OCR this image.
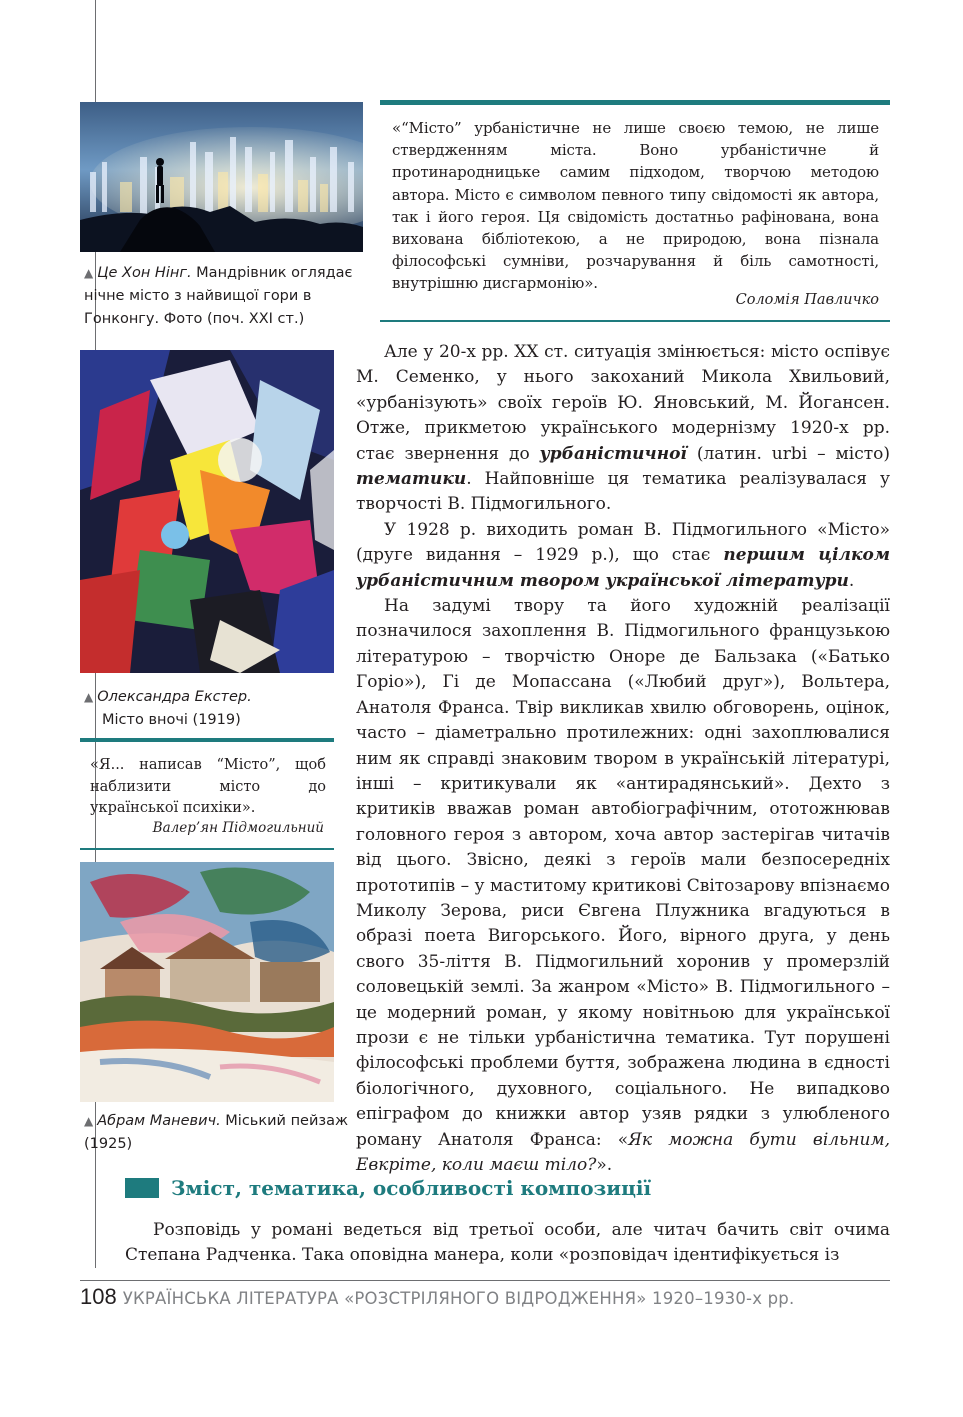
▲ Це Хон Нінг. Мандрівник оглядає нічне місто з найвищої гори в Гонконгу. Фото (поч. ХХІ ст.)
▲ Олександра Екстер.
Місто вночі (1919)
«Я... написав “Місто”, щоб наблизити місто до української психіки».
Валер’ян Підмогильний
▲ Абрам Маневич. Міський пейзаж (1925)
«“Місто” урбаністичне не лише своєю темою, не лише ствердженням міста. Воно урбаністичне й протинародницьке самим підходом, творчою методою автора. Місто є символом певного типу свідомості як автора, так і його героя. Ця свідомість достатньо рафінована, вона вихована бібліотекою, а не природою, вона пізнала філософські сумніви, розчарування й біль самотності, внутрішню дисгармонію».
Соломія Павличко

Але у 20-х рр. ХХ ст. ситуація змінюється: місто оспівує М. Семенко, у нього закоханий Микола Хвильовий, «урбанізують» своїх героїв Ю. Яновський, М. Йогансен. Отже, прикметою українського модернізму 1920-х рр. стає звернення до урбаністичної (латин. urbi – місто) тематики. Найповніше ця тематика реалізувалася у творчості В. Підмогильного.

У 1928 р. виходить роман В. Підмогильного «Місто» (друге видання – 1929 р.), що стає першим цілком урбаністичним твором української літератури.

На задумі твору та його художній реалізації позначилося захоплення В. Підмогильного французькою літературою – творчістю Оноре де Бальзака («Батько Горіо»), Гі де Мопассана («Любий друг»), Вольтера, Анатоля Франса. Твір викликав хвилю обговорень, оцінок, часто – діаметрально протилежних: одні захоплювалися ним як справді знаковим твором в українській літературі, інші – критикували як «антирадянський». Дехто з критиків вважав роман автобіографічним, ототожнював головного героя з автором, хоча автор застерігав читачів від цього. Звісно, деякі з героїв мали безпосередніх прототипів – у маститому критикові Світозарову впізнаємо Миколу Зерова, риси Євгена Плужника вгадуються в образі поета Вигорського. Його, вірного друга, у день свого 35-ліття В. Підмогильний хоронив у промерзлій соловецькій землі. За жанром «Місто» В. Підмогильного – це модерний роман, у якому новітньою для української прози є не тільки урбаністична тематика. Тут порушені філософські проблеми буття, зображена людина в єдності біологічного, духовного, соціального. Не випадково епіграфом до книжки автор узяв рядки з улюбленого роману Анатоля Франса: «Як можна бути вільним, Евкріте, коли маєш тіло?».

Зміст, тематика, особливості композиції

Розповідь у романі ведеться від третьої особи, але читач бачить світ очима Степана Радченка. Така оповідна манера, коли «розповідач ідентифікується із

108 УКРАЇНСЬКА ЛІТЕРАТУРА «РОЗСТРІЛЯНОГО ВІДРОДЖЕННЯ» 1920–1930-х рр.
